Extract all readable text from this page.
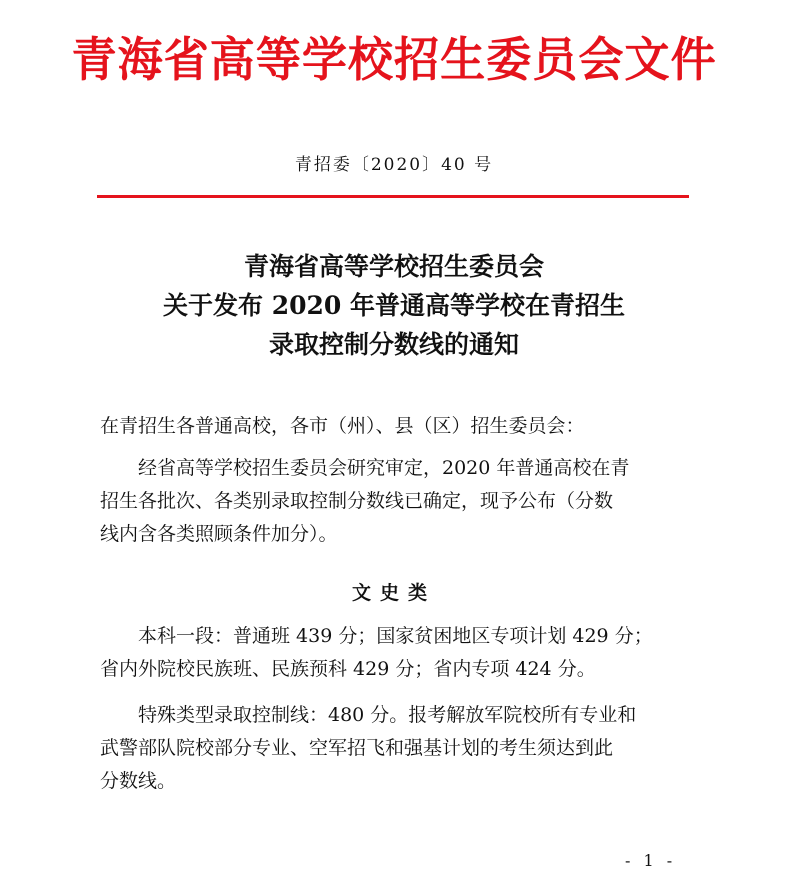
青海省高等学校招生委员会文件
青招委〔2020〕40 号
青海省高等学校招生委员会
关于发布 2020 年普通高等学校在青招生
录取控制分数线的通知
在青招生各普通高校，各市（州）、县（区）招生委员会：
　　经省高等学校招生委员会研究审定，2020 年普通高校在青
招生各批次、各类别录取控制分数线已确定，现予公布（分数
线内含各类照顾条件加分）。
文史类
　　本科一段：普通班 439 分；国家贫困地区专项计划 429 分；
省内外院校民族班、民族预科 429 分；省内专项 424 分。
　　特殊类型录取控制线：480 分。报考解放军院校所有专业和
武警部队院校部分专业、空军招飞和强基计划的考生须达到此
分数线。
- 1 -
